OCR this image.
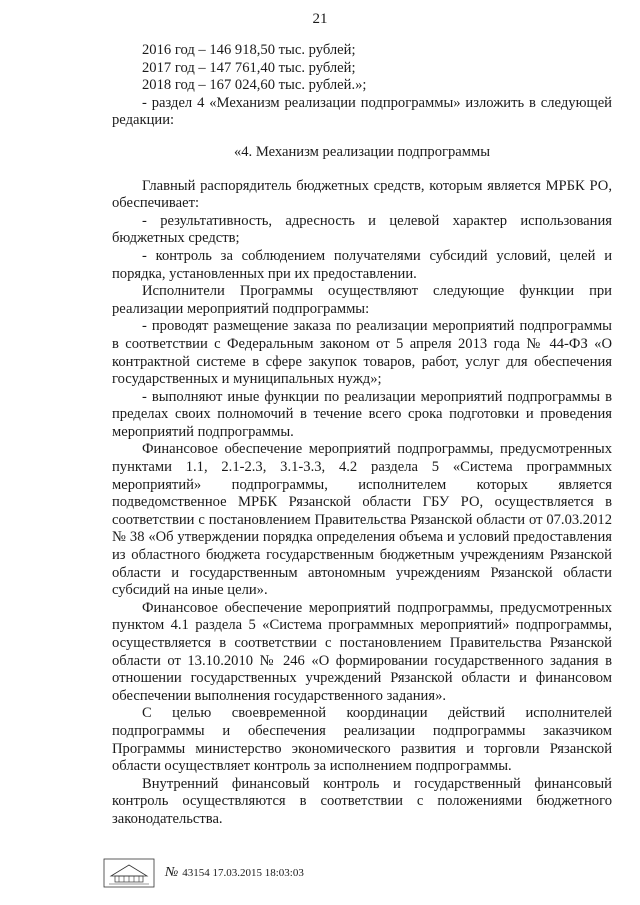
21

2016 год – 146 918,50 тыс. рублей;

2017 год – 147 761,40 тыс. рублей;

2018 год – 167 024,60 тыс. рублей.»;

- раздел 4 «Механизм реализации подпрограммы» изложить в следующей редакции:

«4. Механизм реализации подпрограммы

Главный распорядитель бюджетных средств, которым является МРБК РО, обеспечивает:

- результативность, адресность и целевой характер использования бюджетных средств;

- контроль за соблюдением получателями субсидий условий, целей и порядка, установленных при их предоставлении.

Исполнители Программы осуществляют следующие функции при реализации мероприятий подпрограммы:

- проводят размещение заказа по реализации мероприятий подпрограммы в соответствии с Федеральным законом от 5 апреля 2013 года № 44-ФЗ «О контрактной системе в сфере закупок товаров, работ, услуг для обеспечения государственных и муниципальных нужд»;

- выполняют иные функции по реализации мероприятий подпрограммы в пределах своих полномочий в течение всего срока подготовки и проведения мероприятий подпрограммы.

Финансовое обеспечение мероприятий подпрограммы, предусмотренных пунктами 1.1, 2.1-2.3, 3.1-3.3, 4.2 раздела 5 «Система программных мероприятий» подпрограммы, исполнителем которых является подведомственное МРБК Рязанской области ГБУ РО, осуществляется в соответствии с постановлением Правительства Рязанской области от 07.03.2012 № 38 «Об утверждении порядка определения объема и условий предоставления из областного бюджета государственным бюджетным учреждениям Рязанской области и государственным автономным учреждениям Рязанской области субсидий на иные цели».

Финансовое обеспечение мероприятий подпрограммы, предусмотренных пунктом 4.1 раздела 5 «Система программных мероприятий» подпрограммы, осуществляется в соответствии с постановлением Правительства Рязанской области от 13.10.2010 № 246 «О формировании государственного задания в отношении государственных учреждений Рязанской области и финансовом обеспечении выполнения государственного задания».

С целью своевременной координации действий исполнителей подпрограммы и обеспечения реализации подпрограммы заказчиком Программы министерство экономического развития и торговли Рязанской области осуществляет контроль за исполнением подпрограммы.

Внутренний финансовый контроль и государственный финансовый контроль осуществляются в соответствии с положениями бюджетного законодательства.

№ 43154 17.03.2015 18:03:03
